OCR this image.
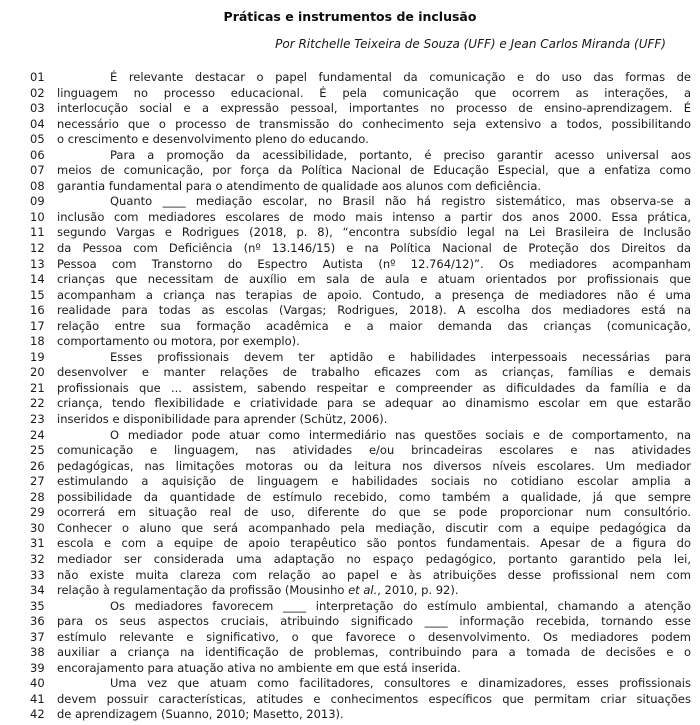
Práticas e instrumentos de inclusão
Por Ritchelle Teixeira de Souza (UFF) e Jean Carlos Miranda (UFF)
01	É relevante destacar o papel fundamental da comunicação e do uso das formas de
02	linguagem no processo educacional. É pela comunicação que ocorrem as interações, a
03	interlocução social e a expressão pessoal, importantes no processo de ensino-aprendizagem. É
04	necessário que o processo de transmissão do conhecimento seja extensivo a todos, possibilitando
05	o crescimento e desenvolvimento pleno do educando.
06	Para a promoção da acessibilidade, portanto, é preciso garantir acesso universal aos
07	meios de comunicação, por força da Política Nacional de Educação Especial, que a enfatiza como
08	garantia fundamental para o atendimento de qualidade aos alunos com deficiência.
09	Quanto ____ mediação escolar, no Brasil não há registro sistemático, mas observa-se a
10	inclusão com mediadores escolares de modo mais intenso a partir dos anos 2000. Essa prática,
11	segundo Vargas e Rodrigues (2018, p. 8), “encontra subsídio legal na Lei Brasileira de Inclusão
12	da Pessoa com Deficiência (nº 13.146/15) e na Política Nacional de Proteção dos Direitos da
13	Pessoa com Transtorno do Espectro Autista (nº 12.764/12)”. Os mediadores acompanham
14	crianças que necessitam de auxílio em sala de aula e atuam orientados por profissionais que
15	acompanham a criança nas terapias de apoio. Contudo, a presença de mediadores não é uma
16	realidade para todas as escolas (Vargas; Rodrigues, 2018). A escolha dos mediadores está na
17	relação entre sua formação acadêmica e a maior demanda das crianças (comunicação,
18	comportamento ou motora, por exemplo).
19	Esses profissionais devem ter aptidão e habilidades interpessoais necessárias para
20	desenvolver e manter relações de trabalho eficazes com as crianças, famílias e demais
21	profissionais que ... assistem, sabendo respeitar e compreender as dificuldades da família e da
22	criança, tendo flexibilidade e criatividade para se adequar ao dinamismo escolar em que estarão
23	inseridos e disponibilidade para aprender (Schütz, 2006).
24	O mediador pode atuar como intermediário nas questões sociais e de comportamento, na
25	comunicação e linguagem, nas atividades e/ou brincadeiras escolares e nas atividades
26	pedagógicas, nas limitações motoras ou da leitura nos diversos níveis escolares. Um mediador
27	estimulando a aquisição de linguagem e habilidades sociais no cotidiano escolar amplia a
28	possibilidade da quantidade de estímulo recebido, como também a qualidade, já que sempre
29	ocorrerá em situação real de uso, diferente do que se pode proporcionar num consultório.
30	Conhecer o aluno que será acompanhado pela mediação, discutir com a equipe pedagógica da
31	escola e com a equipe de apoio terapêutico são pontos fundamentais. Apesar de a figura do
32	mediador ser considerada uma adaptação no espaço pedagógico, portanto garantido pela lei,
33	não existe muita clareza com relação ao papel e às atribuições desse profissional nem com
34	relação à regulamentação da profissão (Mousinho et al., 2010, p. 92).
35	Os mediadores favorecem ____ interpretação do estímulo ambiental, chamando a atenção
36	para os seus aspectos cruciais, atribuindo significado ____ informação recebida, tornando esse
37	estímulo relevante e significativo, o que favorece o desenvolvimento. Os mediadores podem
38	auxiliar a criança na identificação de problemas, contribuindo para a tomada de decisões e o
39	encorajamento para atuação ativa no ambiente em que está inserida.
40	Uma vez que atuam como facilitadores, consultores e dinamizadores, esses profissionais
41	devem possuir características, atitudes e conhecimentos específicos que permitam criar situações
42	de aprendizagem (Suanno, 2010; Masetto, 2013).
